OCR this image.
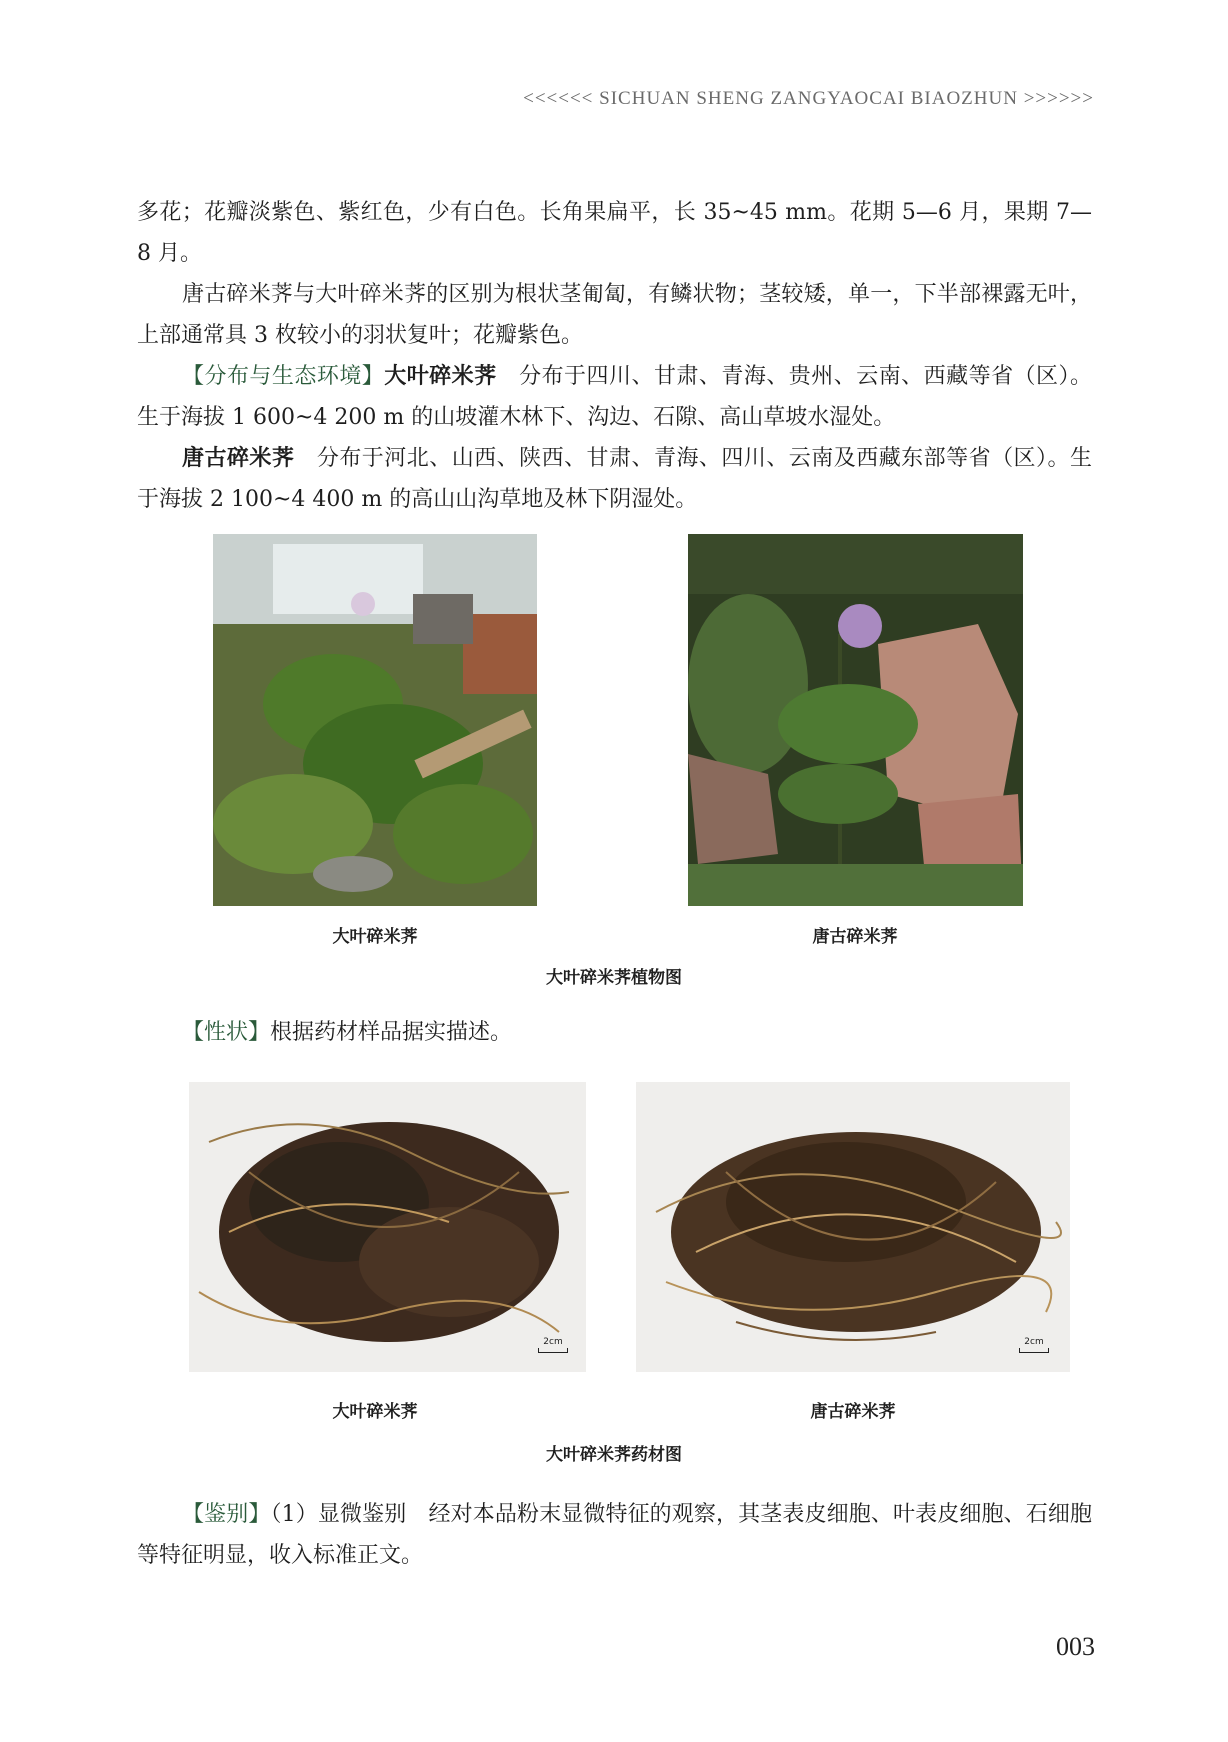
<<<<<< SICHUAN SHENG ZANGYAOCAI BIAOZHUN >>>>>>

多花；花瓣淡紫色、紫红色，少有白色。长角果扁平，长 35~45 mm。花期 5—6 月，果期 7—8 月。

唐古碎米荠与大叶碎米荠的区别为根状茎匍匐，有鳞状物；茎较矮，单一，下半部裸露无叶，上部通常具 3 枚较小的羽状复叶；花瓣紫色。

【分布与生态环境】大叶碎米荠　分布于四川、甘肃、青海、贵州、云南、西藏等省（区）。生于海拔 1 600~4 200 m 的山坡灌木林下、沟边、石隙、高山草坡水湿处。

唐古碎米荠　分布于河北、山西、陕西、甘肃、青海、四川、云南及西藏东部等省（区）。生于海拔 2 100~4 400 m 的高山山沟草地及林下阴湿处。

大叶碎米荠	唐古碎米荠
大叶碎米荠植物图

【性状】根据药材样品据实描述。

2cm	2cm
大叶碎米荠	唐古碎米荠
大叶碎米荠药材图

【鉴别】（1）显微鉴别　经对本品粉末显微特征的观察，其茎表皮细胞、叶表皮细胞、石细胞等特征明显，收入标准正文。

003
